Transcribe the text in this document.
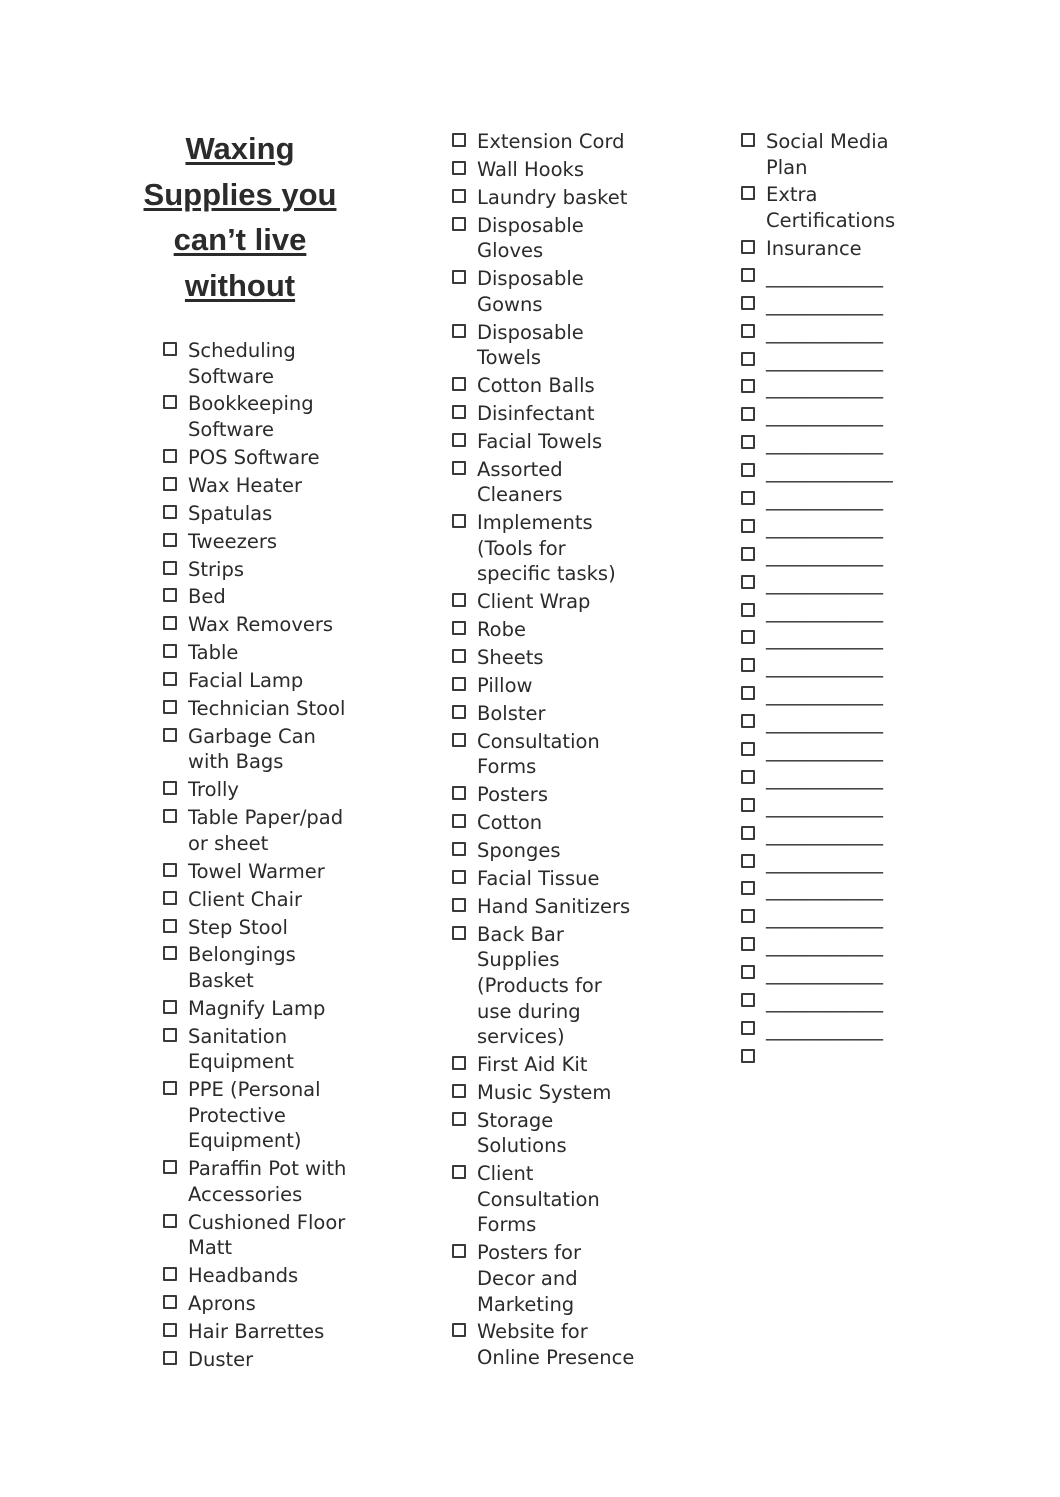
Waxing
Supplies you
can’t live
without
Scheduling
Software
Bookkeeping
Software
POS Software
Wax Heater
Spatulas
Tweezers
Strips
Bed
Wax Removers
Table
Facial Lamp
Technician Stool
Garbage Can
with Bags
Trolly
Table Paper/pad
or sheet
Towel Warmer
Client Chair
Step Stool
Belongings
Basket
Magnify Lamp
Sanitation
Equipment
PPE (Personal
Protective
Equipment)
Paraffin Pot with
Accessories
Cushioned Floor
Matt
Headbands
Aprons
Hair Barrettes
Duster
Extension Cord
Wall Hooks
Laundry basket
Disposable
Gloves
Disposable
Gowns
Disposable
Towels
Cotton Balls
Disinfectant
Facial Towels
Assorted
Cleaners
Implements
(Tools for
specific tasks)
Client Wrap
Robe
Sheets
Pillow
Bolster
Consultation
Forms
Posters
Cotton
Sponges
Facial Tissue
Hand Sanitizers
Back Bar
Supplies
(Products for
use during
services)
First Aid Kit
Music System
Storage
Solutions
Client
Consultation
Forms
Posters for
Decor and
Marketing
Website for
Online Presence
Social Media
Plan
Extra
Certifications
Insurance
____________
____________
____________
____________
____________
____________
____________
_____________
____________
____________
____________
____________
____________
____________
____________
____________
____________
____________
____________
____________
____________
____________
____________
____________
____________
____________
____________
____________
